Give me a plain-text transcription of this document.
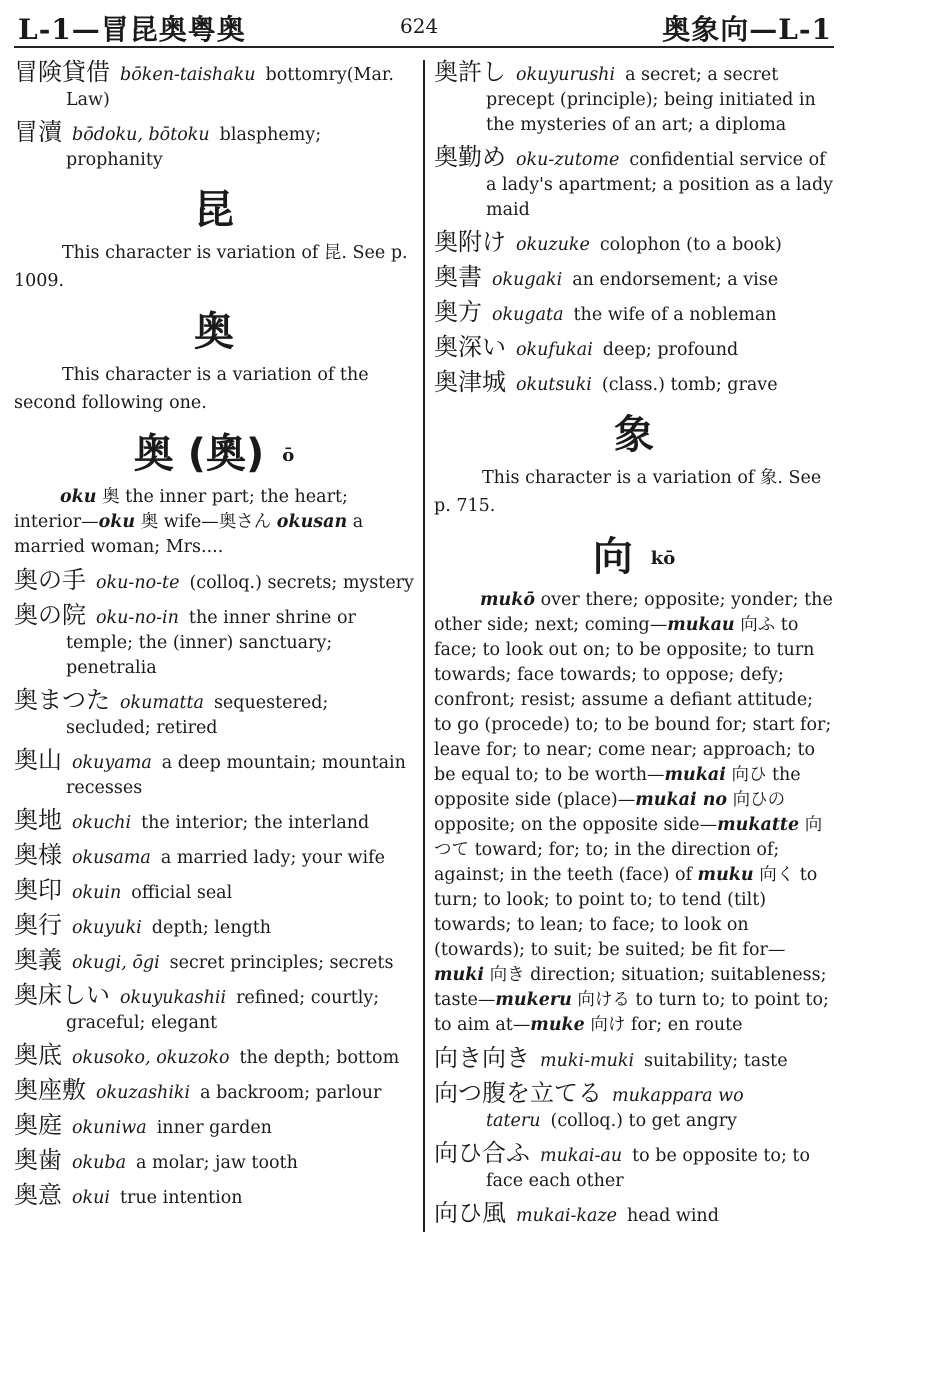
L-1—冒昆奥粤奥	624	奥象向—L-1
冒険貸借 bōken-taishaku bottomry(Mar. Law)
冒瀆 bōdoku, bōtoku blasphemy; prophanity
昆
This character is variation of 昆. See p. 1009.
奥
This character is a variation of the second following one.
奥 (奧) ō
oku 奥 the inner part; the heart; interior—oku 奥 wife—奥さん okusan a married woman; Mrs....
奥の手 oku-no-te (colloq.) secrets; mystery
奥の院 oku-no-in the inner shrine or temple; the (inner) sanctuary; penetralia
奥まつた okumatta sequestered; secluded; retired
奥山 okuyama a deep mountain; mountain recesses
奥地 okuchi the interior; the interland
奥様 okusama a married lady; your wife
奥印 okuin official seal
奥行 okuyuki depth; length
奥義 okugi, ōgi secret principles; secrets
奥床しい okuyukashii refined; courtly; graceful; elegant
奥底 okusoko, okuzoko the depth; bottom
奥座敷 okuzashiki a backroom; parlour
奥庭 okuniwa inner garden
奥歯 okuba a molar; jaw tooth
奥意 okui true intention
奥許し okuyurushi a secret; a secret precept (principle); being initiated in the mysteries of an art; a diploma
奥勤め oku-zutome confidential service of a lady's apartment; a position as a lady maid
奥附け okuzuke colophon (to a book)
奥書 okugaki an endorsement; a vise
奥方 okugata the wife of a nobleman
奥深い okufukai deep; profound
奥津城 okutsuki (class.) tomb; grave
象
This character is a variation of 象. See p. 715.
向 kō
mukō over there; opposite; yonder; the other side; next; coming—mukau 向ふ to face; to look out on; to be opposite; to turn towards; face towards; to oppose; defy; confront; resist; assume a defiant attitude; to go (procede) to; to be bound for; start for; leave for; to near; come near; approach; to be equal to; to be worth—mukai 向ひ the opposite side (place)—mukai no 向ひの opposite; on the opposite side—mukatte 向つて toward; for; to; in the direction of; against; in the teeth (face) of muku 向く to turn; to look; to point to; to tend (tilt) towards; to lean; to face; to look on (towards); to suit; be suited; be fit for—muki 向き direction; situation; suitableness; taste—mukeru 向ける to turn to; to point to; to aim at—muke 向け for; en route
向き向き muki-muki suitability; taste
向つ腹を立てる mukappara wo tateru (colloq.) to get angry
向ひ合ふ mukai-au to be opposite to; to face each other
向ひ風 mukai-kaze head wind
